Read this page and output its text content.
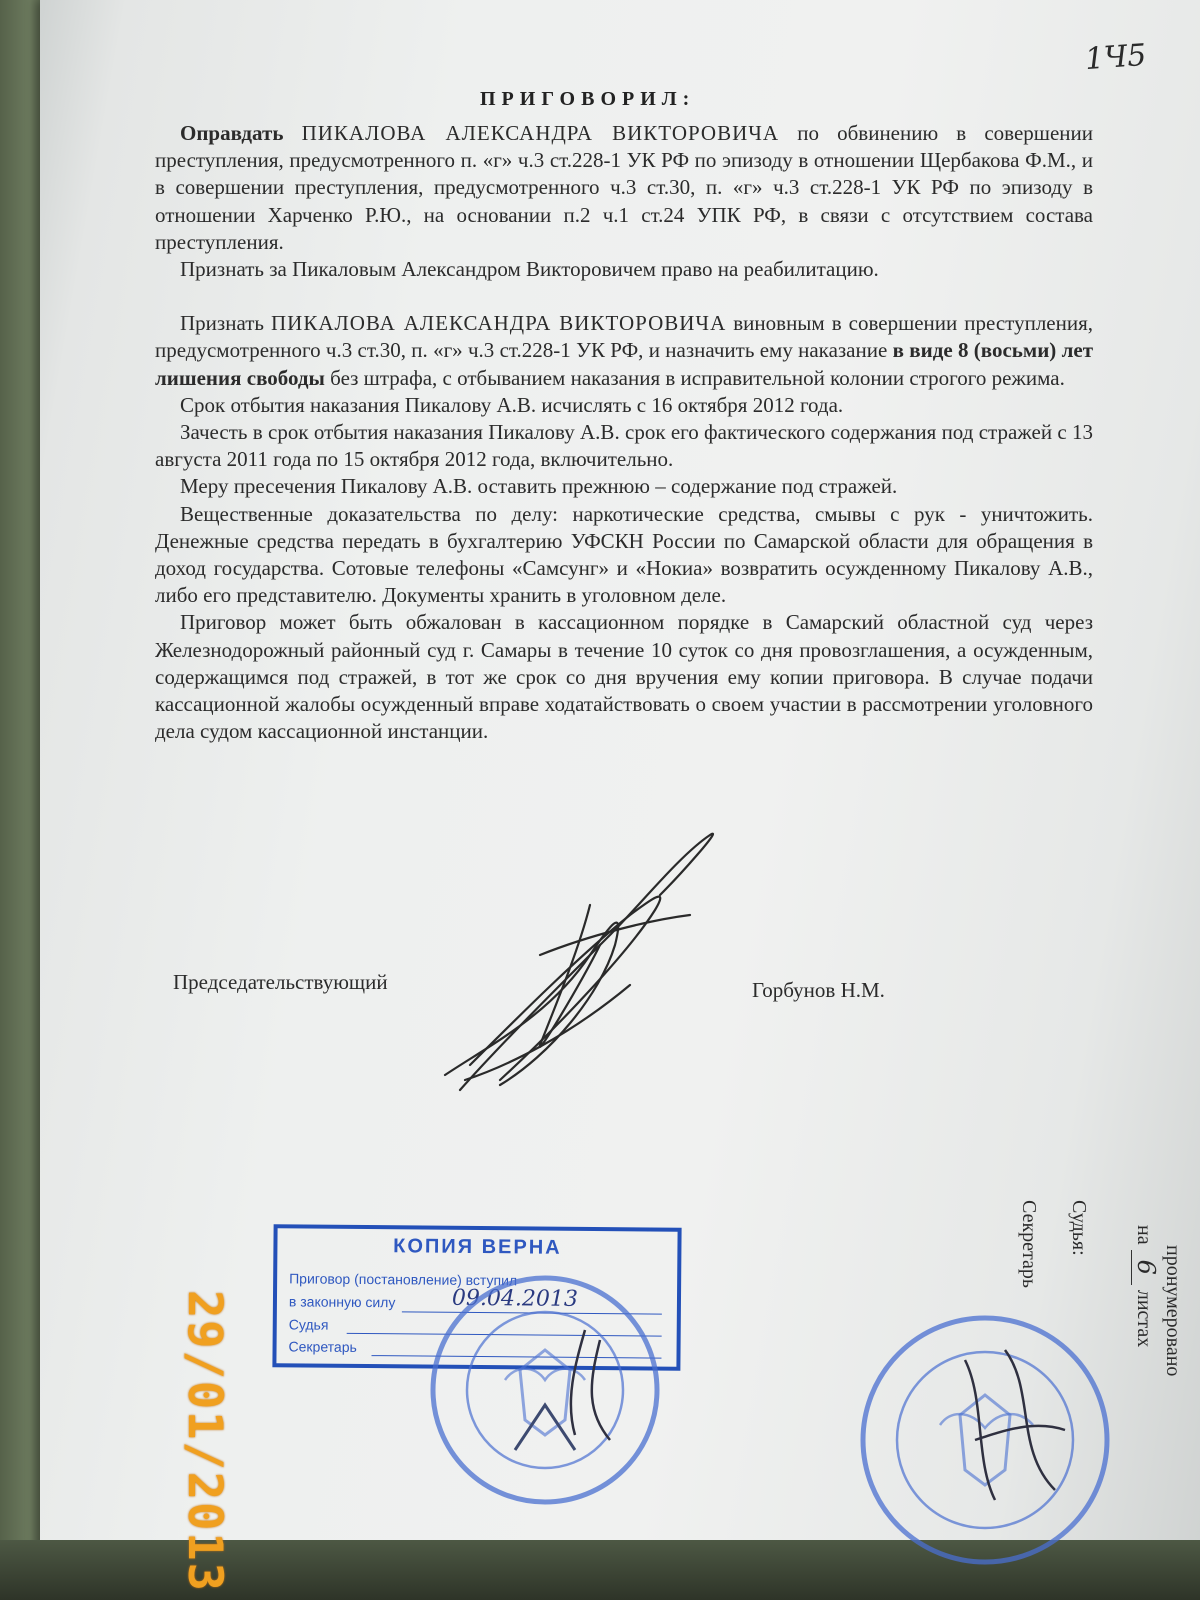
1Ч5
ПРИГОВОРИЛ:

Оправдать ПИКАЛОВА АЛЕКСАНДРА ВИКТОРОВИЧА по обвинению в совершении преступления, предусмотренного п. «г» ч.3 ст.228-1 УК РФ по эпизоду в отношении Щербакова Ф.М., и в совершении преступления, предусмотренного ч.3 ст.30, п. «г» ч.3 ст.228-1 УК РФ по эпизоду в отношении Харченко Р.Ю., на основании п.2 ч.1 ст.24 УПК РФ, в связи с отсутствием состава преступления.

Признать за Пикаловым Александром Викторовичем право на реабилитацию.

Признать ПИКАЛОВА АЛЕКСАНДРА ВИКТОРОВИЧА виновным в совершении преступления, предусмотренного ч.3 ст.30, п. «г» ч.3 ст.228-1 УК РФ, и назначить ему наказание в виде 8 (восьми) лет лишения свободы без штрафа, с отбыванием наказания в исправительной колонии строгого режима.

Срок отбытия наказания Пикалову А.В. исчислять с 16 октября 2012 года.

Зачесть в срок отбытия наказания Пикалову А.В. срок его фактического содержания под стражей с 13 августа 2011 года по 15 октября 2012 года, включительно.

Меру пресечения Пикалову А.В. оставить прежнюю – содержание под стражей.

Вещественные доказательства по делу: наркотические средства, смывы с рук - уничтожить. Денежные средства передать в бухгалтерию УФСКН России по Самарской области для обращения в доход государства. Сотовые телефоны «Самсунг» и «Нокиа» возвратить осужденному Пикалову А.В., либо его представителю. Документы хранить в уголовном деле.

Приговор может быть обжалован в кассационном порядке в Самарский областной суд через Железнодорожный районный суд г. Самары в течение 10 суток со дня провозглашения, а осужденным, содержащимся под стражей, в тот же срок со дня вручения ему копии приговора. В случае подачи кассационной жалобы осужденный вправе ходатайствовать о своем участии в рассмотрении уголовного дела судом кассационной инстанции.

Председательствующий	Горбунов Н.М.
КОПИЯ ВЕРНА
Приговор (постановление) вступил
в законную силу	09.04.2013
Судья
Секретарь
Судья:
Секретарь
пронумеровано
на 6 листах
29/01/2013
